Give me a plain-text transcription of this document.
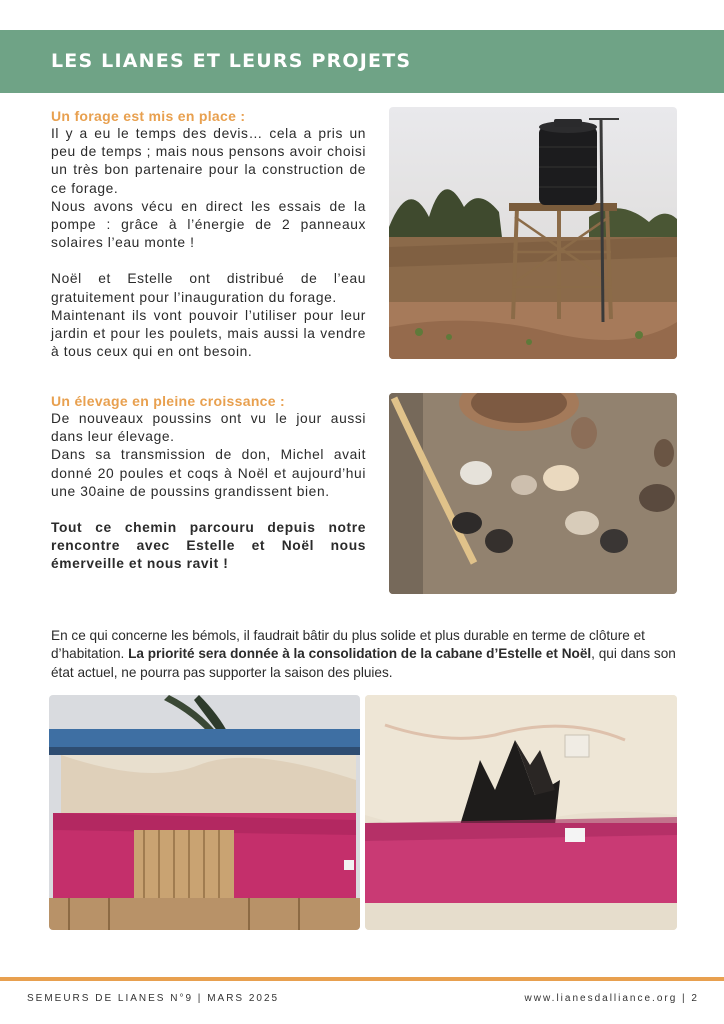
LES LIANES ET LEURS PROJETS

Un forage est mis en place :

Il y a eu le temps des devis… cela a pris un peu de temps ; mais nous pensons avoir choisi un très bon partenaire pour la construction de ce forage.

Nous avons vécu en direct les essais de la pompe : grâce à l’énergie de 2 panneaux solaires l’eau monte !

Noël et Estelle ont distribué de l’eau gratuitement pour l’inauguration du forage.

Maintenant ils vont pouvoir l’utiliser pour leur jardin et pour les poulets, mais aussi la vendre à tous ceux qui en ont besoin.

Un élevage en pleine croissance :

De nouveaux poussins ont vu le jour aussi dans leur élevage.

Dans sa transmission de don, Michel avait donné 20 poules et coqs à Noël et aujourd’hui une 30aine de poussins grandissent bien.

Tout ce chemin parcouru depuis notre rencontre avec Estelle et Noël nous émerveille et nous ravit !

En ce qui concerne les bémols, il faudrait bâtir du plus solide et plus durable en terme de clôture et d’habitation. La priorité sera donnée à la consolidation de la cabane d’Estelle et Noël, qui dans son état actuel, ne pourra pas supporter la saison des pluies.
SEMEURS DE LIANES N°9 | MARS 2025	www.lianesdalliance.org | 2
